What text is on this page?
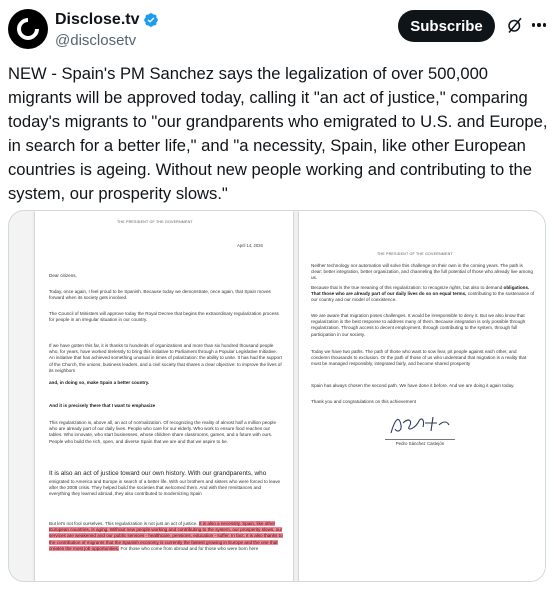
Disclose.tv
@disclosetv
Subscribe
NEW - Spain's PM Sanchez says the legalization of over 500,000 migrants will be approved today, calling it "an act of justice," comparing today's migrants to "our grandparents who emigrated to U.S. and Europe, in search for a better life," and "a necessity, Spain, like other European countries is ageing. Without new people working and contributing to the system, our prosperity slows."

THE PRESIDENT OF THE GOVERNMENT

April 14, 2026

Dear citizens,

Today, once again, I feel proud to be Spanish. Because today we demonstrate, once again, that Spain moves forward when its society gets involved.

The Council of Ministers will approve today the Royal Decree that begins the extraordinary regularization process for people in an irregular situation in our country.

If we have gotten this far, it is thanks to hundreds of organizations and more than six hundred thousand people who, for years, have worked tirelessly to bring this initiative to Parliament through a Popular Legislative Initiative. An initiative that has achieved something unusual in times of polarization: the ability to unite. It has had the support of the Church, the unions, business leaders, and a civil society that shares a clear objective: to improve the lives of its neighbors

and, in doing so, make Spain a better country.

And it is precisely there that I want to emphasize

This regularization is, above all, an act of normalization. Of recognizing the reality of almost half a million people who are already part of our daily lives. People who care for our elderly. Who work to ensure food reaches our tables. Who innovate, who start businesses, whose children share classrooms, games, and a future with ours. People who build the rich, open, and diverse Spain that we are and that we aspire to be.

It is also an act of justice toward our own history. With our grandparents, who

emigrated to America and Europe in search of a better life. With our brothers and sisters who were forced to leave after the 2008 crisis. They helped build the societies that welcomed them. And with their remittances and everything they learned abroad, they also contributed to modernizing Spain

But let's not fool ourselves. This regularization is not just an act of justice. It is also a necessity. Spain, like other European countries, is aging. Without new people working and contributing to the system, our prosperity slows, our services are weakened and our public services - healthcare, pensions, education - suffer. In fact, it is also thanks to the contribution of migrants that the Spanish economy is currently the fastest growing in Europe and the one that creates the most job opportunities. For those who come from abroad and for those who were born here

THE PRESIDENT OF THE GOVERNMENT

Neither technology nor automation will solve this challenge on their own in the coming years. The path is clear: better integration, better organization, and channeling the full potential of those who already live among us.

Because that is the true meaning of this regularization: to recognize rights, but also to demand obligations. That those who are already part of our daily lives do so on equal terms, contributing to the sustenance of our country and our model of coexistence.

We are aware that migration poses challenges. It would be irresponsible to deny it. But we also know that regularization is the best response to address many of them. Because integration is only possible through regularization. Through access to decent employment, through contributing to the system, through full participation in our society.

Today we have two paths. The path of those who want to sow fear, pit people against each other, and condemn thousands to exclusion. Or the path of those of us who understand that migration is a reality that must be managed responsibly, integrated fairly, and become shared prosperity

Spain has always chosen the second path. We have done it before. And we are doing it again today.

Thank you and congratulations on this achievement

Pedro Sánchez Castejón
